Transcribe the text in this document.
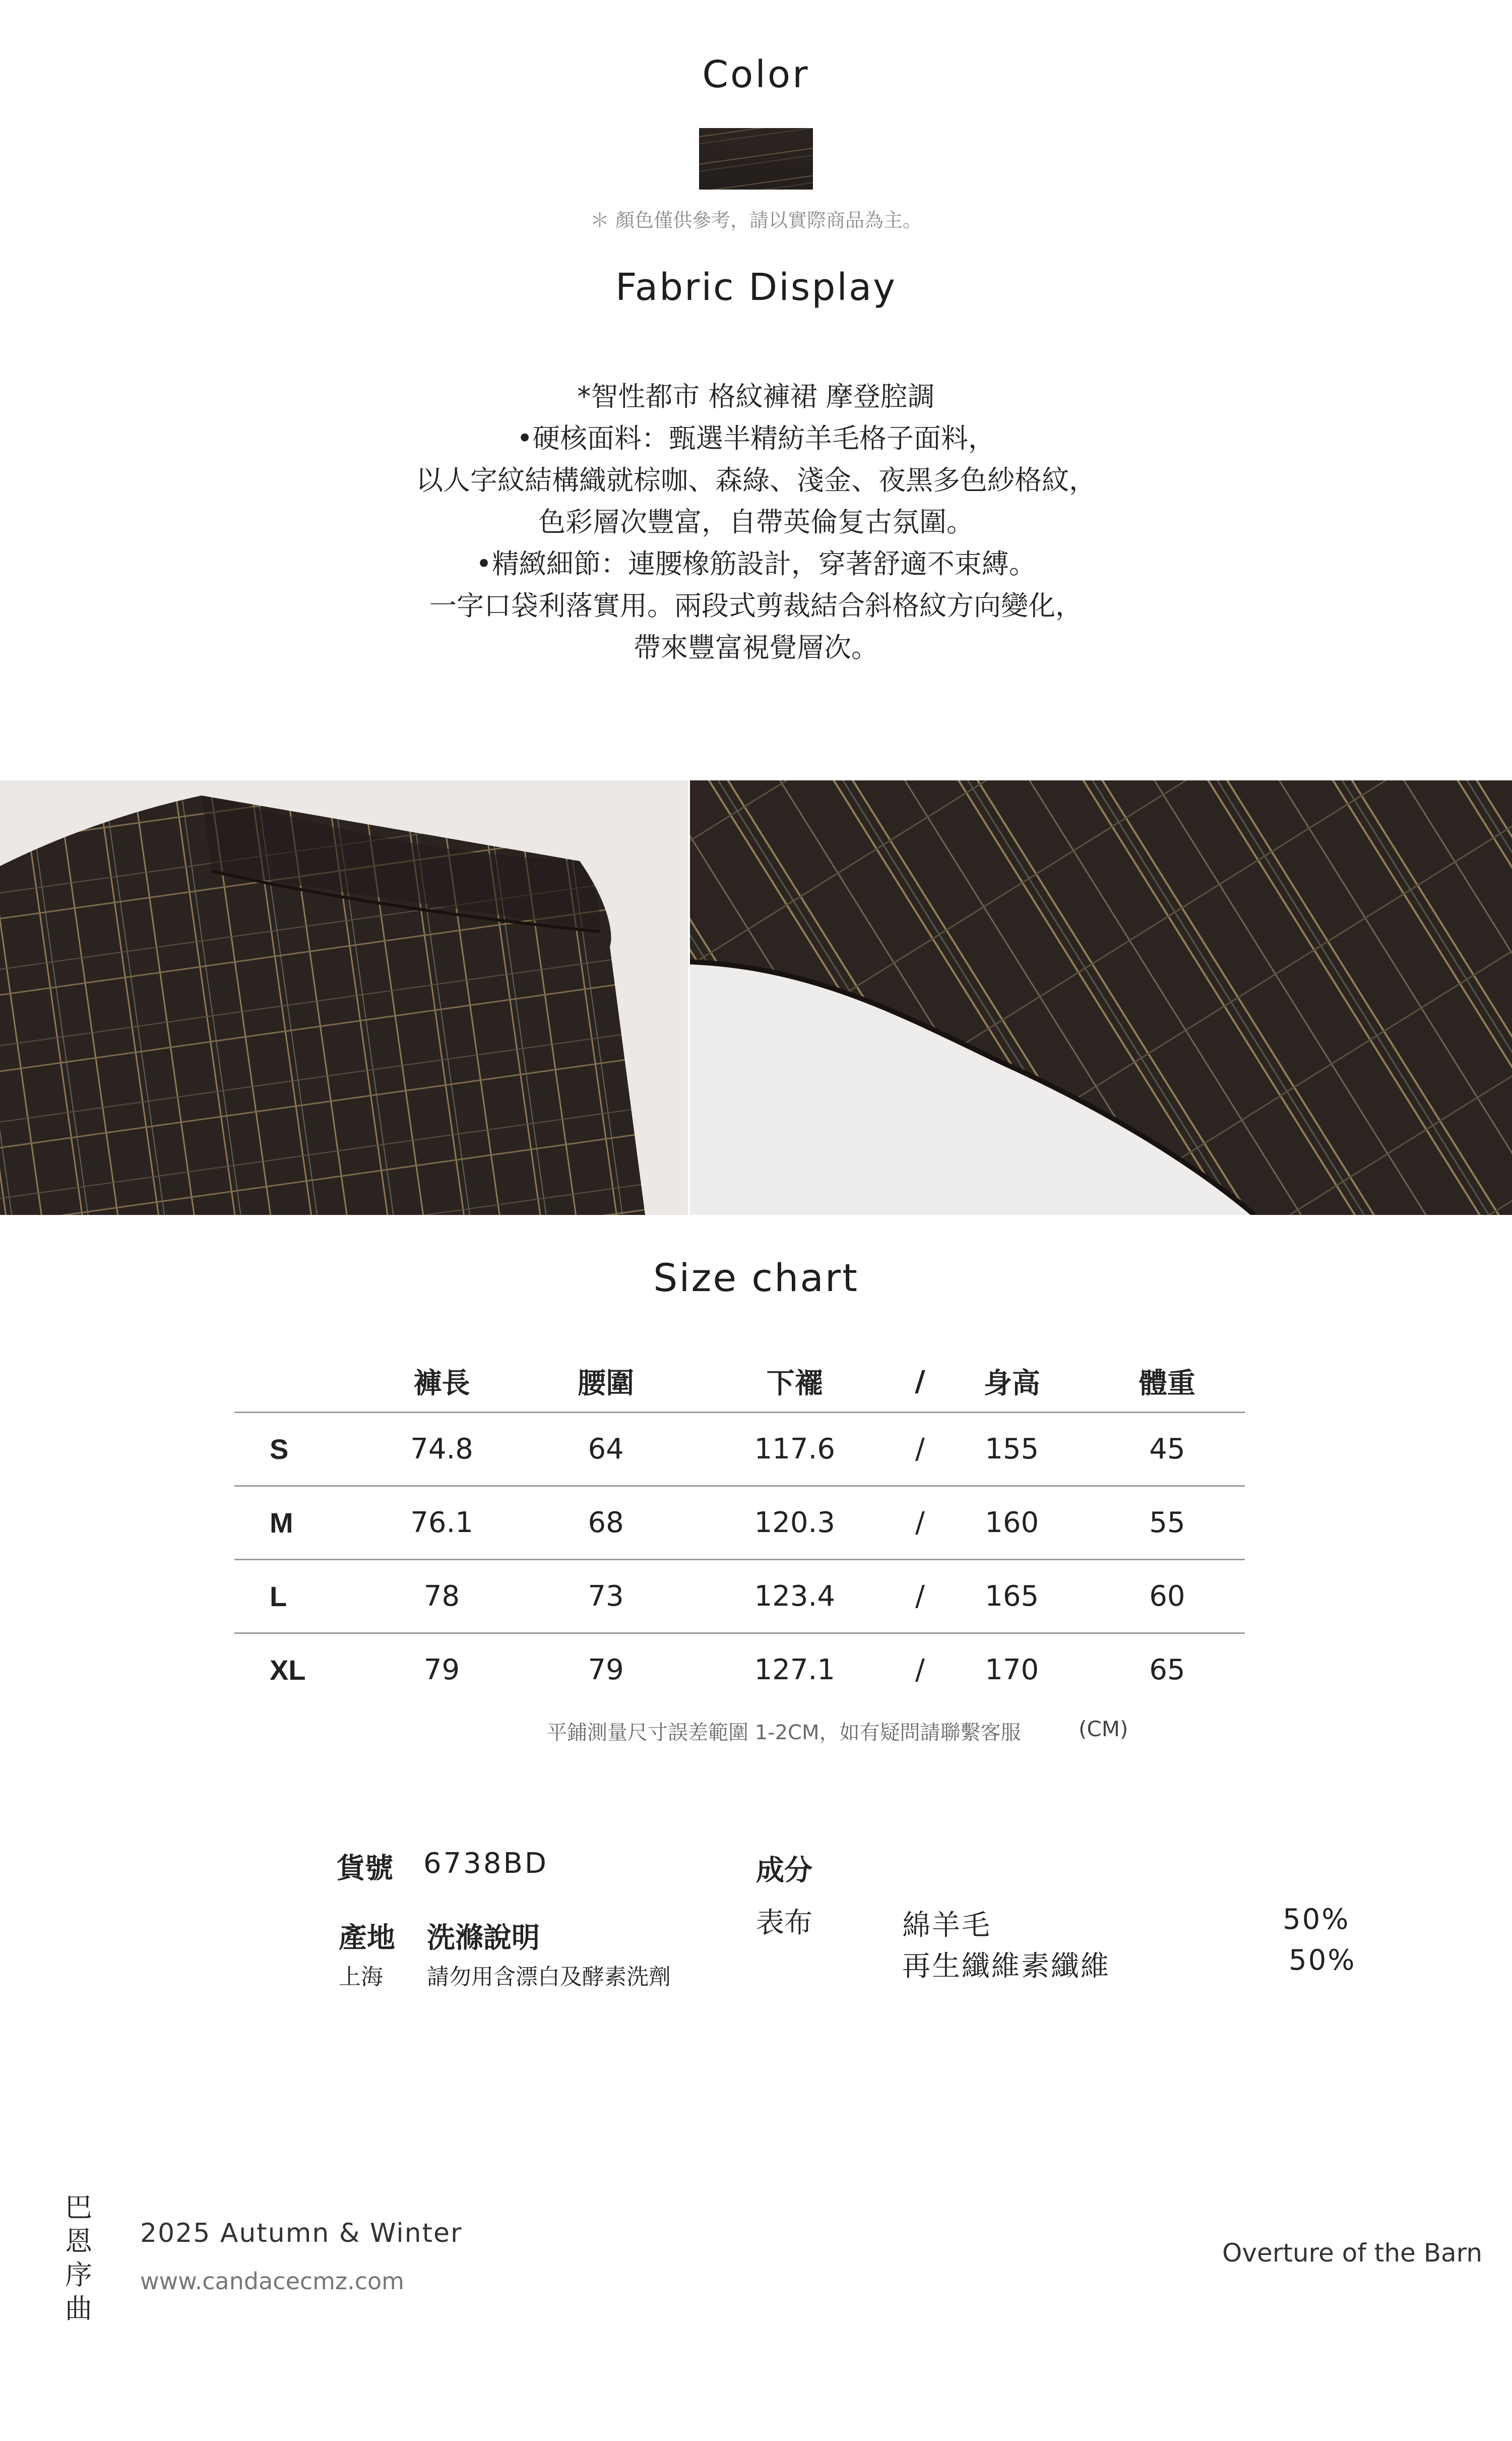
Color
＊ 顏色僅供參考，請以實際商品為主。
Fabric Display
*智性都市 格紋褲裙 摩登腔調
•硬核面料：甄選半精紡羊毛格子面料，
以人字紋結構織就棕咖、森綠、淺金、夜黑多色紗格紋，
色彩層次豐富，自帶英倫复古氛圍。
•精緻細節：連腰橡筋設計，穿著舒適不束縛。
一字口袋利落實用。兩段式剪裁結合斜格紋方向變化，
帶來豐富視覺層次。
Size chart
	褲長	腰圍	下襬	/	身高	體重
S	74.8	64	117.6	/	155	45
M	76.1	68	120.3	/	160	55
L	78	73	123.4	/	165	60
XL	79	79	127.1	/	170	65
平鋪測量尺寸誤差範圍 1-2CM，如有疑問請聯繫客服	(CM)
貨號 6738BD
產地 洗滌說明
上海 請勿用含漂白及酵素洗劑
成分
表布	綿羊毛	50%
再生纖維素纖維	50%
巴恩序曲
2025 Autumn & Winter
www.candacecmz.com
Overture of the Barn
